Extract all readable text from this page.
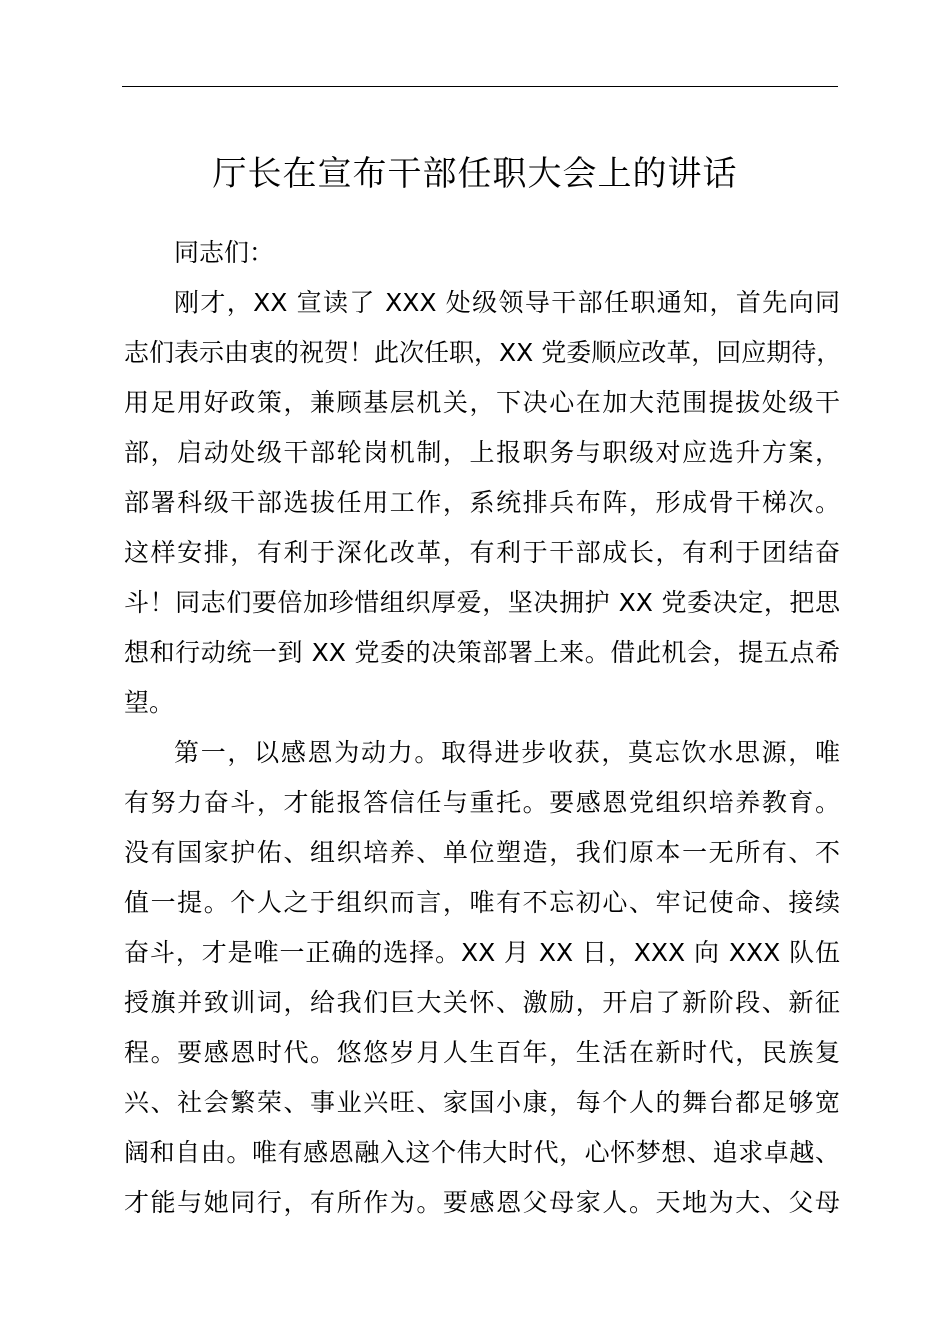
厅长在宣布干部任职大会上的讲话
同志们：
刚才，XX 宣读了 XXX 处级领导干部任职通知，首先向同
志们表示由衷的祝贺！此次任职，XX 党委顺应改革，回应期待，
用足用好政策，兼顾基层机关，下决心在加大范围提拔处级干
部，启动处级干部轮岗机制，上报职务与职级对应选升方案，
部署科级干部选拔任用工作，系统排兵布阵，形成骨干梯次。
这样安排，有利于深化改革，有利于干部成长，有利于团结奋
斗！同志们要倍加珍惜组织厚爱，坚决拥护 XX 党委决定，把思
想和行动统一到 XX 党委的决策部署上来。借此机会，提五点希
望。
第一，以感恩为动力。取得进步收获，莫忘饮水思源，唯
有努力奋斗，才能报答信任与重托。要感恩党组织培养教育。
没有国家护佑、组织培养、单位塑造，我们原本一无所有、不
值一提。个人之于组织而言，唯有不忘初心、牢记使命、接续
奋斗，才是唯一正确的选择。XX 月 XX 日，XXX 向 XXX 队伍
授旗并致训词，给我们巨大关怀、激励，开启了新阶段、新征
程。要感恩时代。悠悠岁月人生百年，生活在新时代，民族复
兴、社会繁荣、事业兴旺、家国小康，每个人的舞台都足够宽
阔和自由。唯有感恩融入这个伟大时代，心怀梦想、追求卓越、
才能与她同行，有所作为。要感恩父母家人。天地为大、父母
